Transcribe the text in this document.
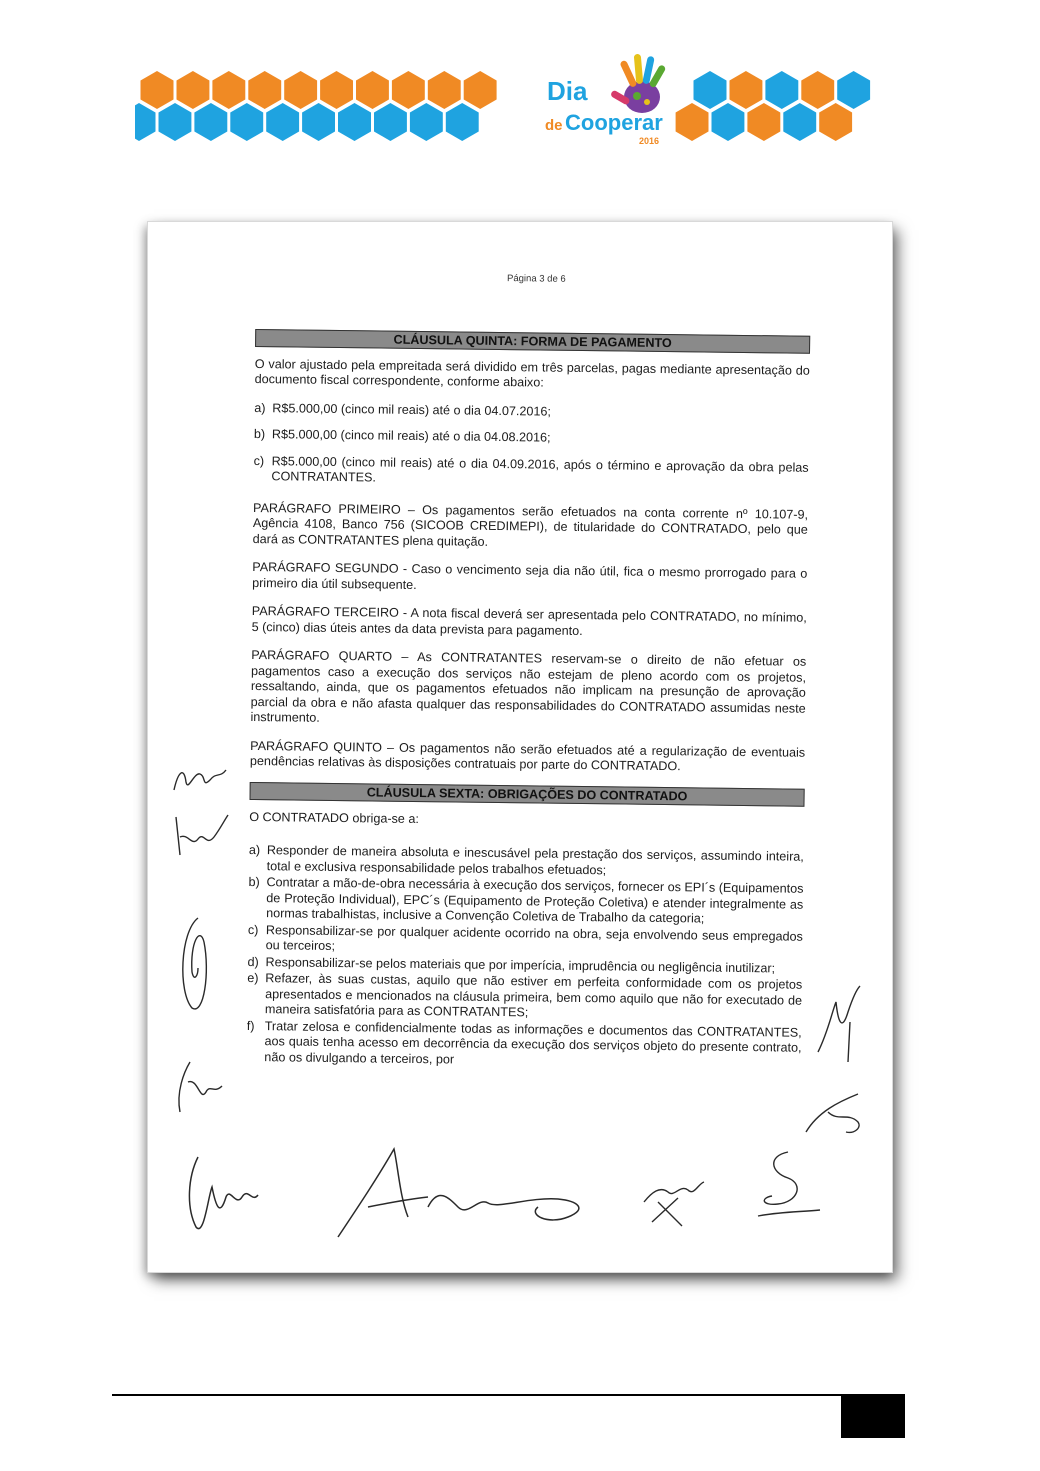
Dia
de Cooperar
2016
Página 3 de 6
CLÁUSULA QUINTA: FORMA DE PAGAMENTO

O valor ajustado pela empreitada será dividido em três parcelas, pagas mediante apresentação do documento fiscal correspondente, conforme abaixo:

a) R$5.000,00 (cinco mil reais) até o dia 04.07.2016;
b) R$5.000,00 (cinco mil reais) até o dia 04.08.2016;
c) R$5.000,00 (cinco mil reais) até o dia 04.09.2016, após o término e aprovação da obra pelas CONTRATANTES.

PARÁGRAFO PRIMEIRO – Os pagamentos serão efetuados na conta corrente nº 10.107-9, Agência 4108, Banco 756 (SICOOB CREDIMEPI), de titularidade do CONTRATADO, pelo que dará as CONTRATANTES plena quitação.

PARÁGRAFO SEGUNDO - Caso o vencimento seja dia não útil, fica o mesmo prorrogado para o primeiro dia útil subsequente.

PARÁGRAFO TERCEIRO - A nota fiscal deverá ser apresentada pelo CONTRATADO, no mínimo, 5 (cinco) dias úteis antes da data prevista para pagamento.

PARÁGRAFO QUARTO – As CONTRATANTES reservam-se o direito de não efetuar os pagamentos caso a execução dos serviços não estejam de pleno acordo com os projetos, ressaltando, ainda, que os pagamentos efetuados não implicam na presunção de aprovação parcial da obra e não afasta qualquer das responsabilidades do CONTRATADO assumidas neste instrumento.

PARÁGRAFO QUINTO – Os pagamentos não serão efetuados até a regularização de eventuais pendências relativas às disposições contratuais por parte do CONTRATADO.

CLÁUSULA SEXTA: OBRIGAÇÕES DO CONTRATADO

O CONTRATADO obriga-se a:

a) Responder de maneira absoluta e inescusável pela prestação dos serviços, assumindo inteira, total e exclusiva responsabilidade pelos trabalhos efetuados;
b) Contratar a mão-de-obra necessária à execução dos serviços, fornecer os EPI´s (Equipamentos de Proteção Individual), EPC´s (Equipamento de Proteção Coletiva) e atender integralmente as normas trabalhistas, inclusive a Convenção Coletiva de Trabalho da categoria;
c) Responsabilizar-se por qualquer acidente ocorrido na obra, seja envolvendo seus empregados ou terceiros;
d) Responsabilizar-se pelos materiais que por imperícia, imprudência ou negligência inutilizar;
e) Refazer, às suas custas, aquilo que não estiver em perfeita conformidade com os projetos apresentados e mencionados na cláusula primeira, bem como aquilo que não for executado de maneira satisfatória para as CONTRATANTES;
f) Tratar zelosa e confidencialmente todas as informações e documentos das CONTRATANTES, aos quais tenha acesso em decorrência da execução dos serviços objeto do presente contrato, não os divulgando a terceiros, por
